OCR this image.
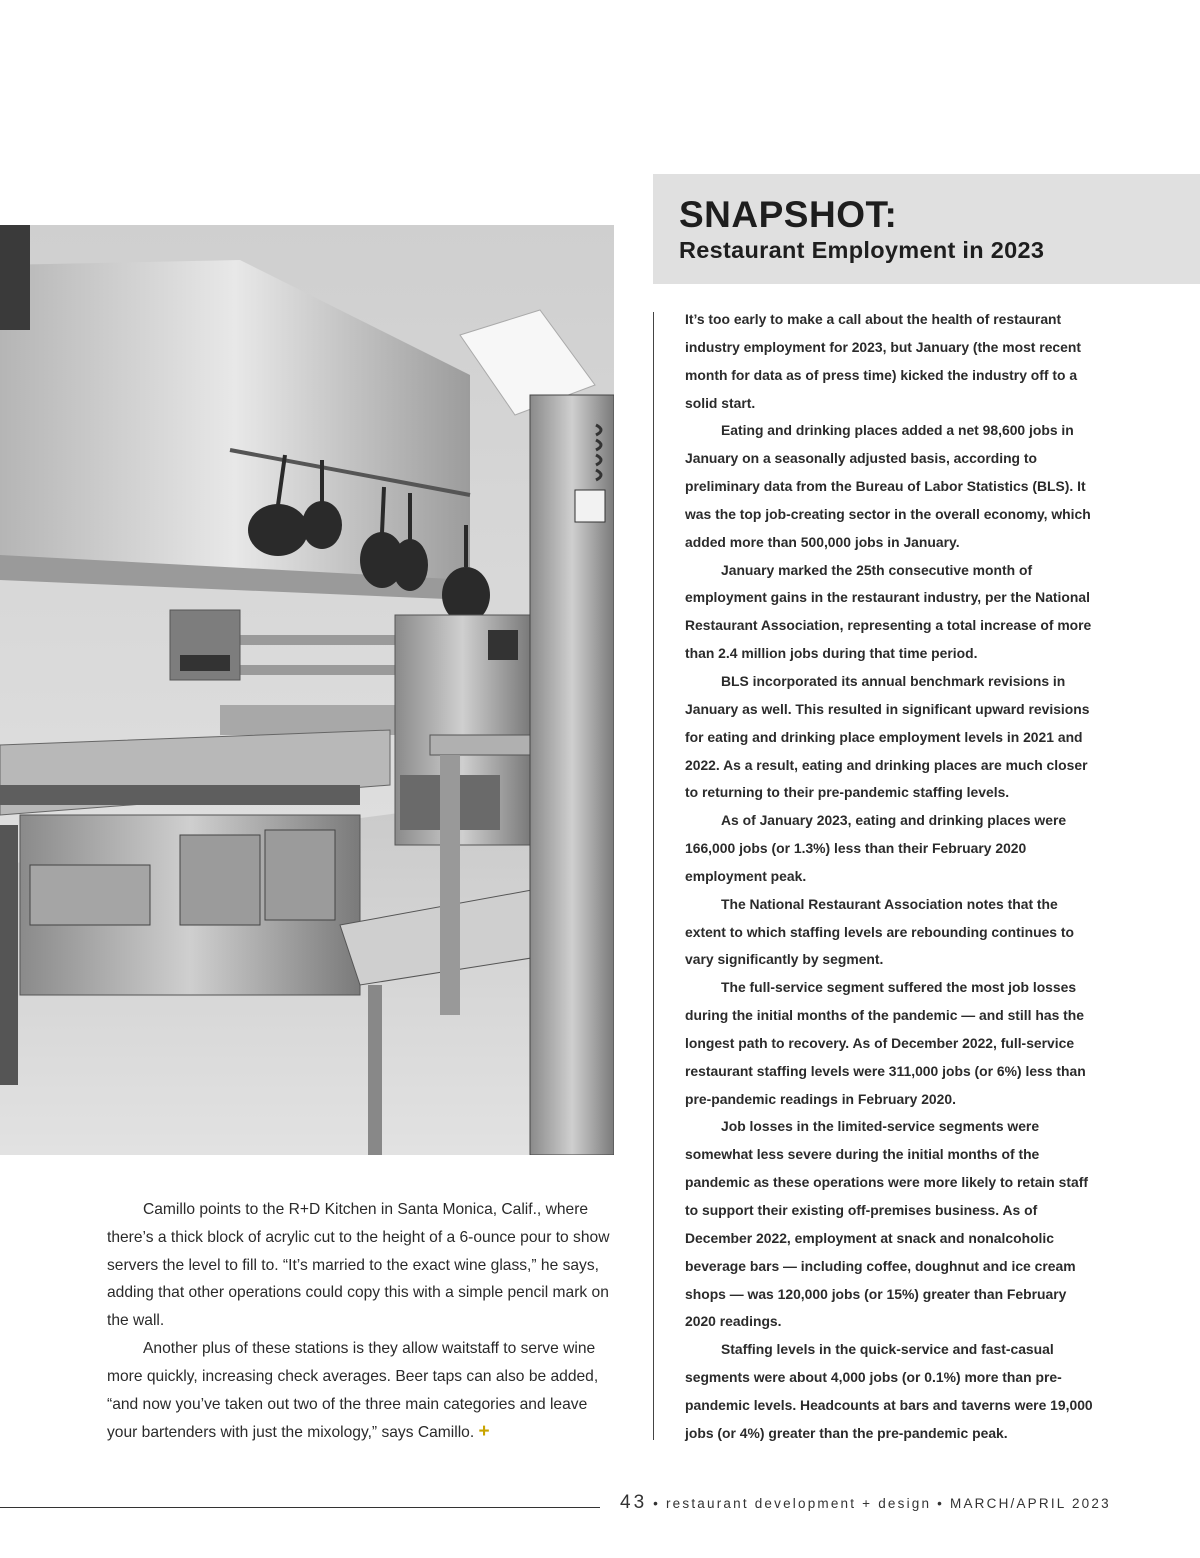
Camillo points to the R+D Kitchen in Santa Monica, Calif., where there’s a thick block of acrylic cut to the height of a 6-ounce pour to show servers the level to fill to. “It’s married to the exact wine glass,” he says, adding that other operations could copy this with a simple pencil mark on the wall.

Another plus of these stations is they allow waitstaff to serve wine more quickly, increasing check averages. Beer taps can also be added, “and now you’ve taken out two of the three main categories and leave your bartenders with just the mixology,” says Camillo. +

SNAPSHOT:
Restaurant Employment in 2023

It’s too early to make a call about the health of restaurant industry employment for 2023, but January (the most recent month for data as of press time) kicked the industry off to a solid start.

Eating and drinking places added a net 98,600 jobs in January on a seasonally adjusted basis, according to preliminary data from the Bureau of Labor Statistics (BLS). It was the top job-creating sector in the overall economy, which added more than 500,000 jobs in January.

January marked the 25th consecutive month of employment gains in the restaurant industry, per the National Restaurant Association, representing a total increase of more than 2.4 million jobs during that time period.

BLS incorporated its annual benchmark revisions in January as well. This resulted in significant upward revisions for eating and drinking place employment levels in 2021 and 2022. As a result, eating and drinking places are much closer to returning to their pre-pandemic staffing levels.

As of January 2023, eating and drinking places were 166,000 jobs (or 1.3%) less than their February 2020 employment peak.

The National Restaurant Association notes that the extent to which staffing levels are rebounding continues to vary significantly by segment.

The full-service segment suffered the most job losses during the initial months of the pandemic — and still has the longest path to recovery. As of December 2022, full-service restaurant staffing levels were 311,000 jobs (or 6%) less than pre-pandemic readings in February 2020.

Job losses in the limited-service segments were somewhat less severe during the initial months of the pandemic as these operations were more likely to retain staff to support their existing off-premises business. As of December 2022, employment at snack and nonalcoholic beverage bars — including coffee, doughnut and ice cream shops — was 120,000 jobs (or 15%) greater than February 2020 readings.

Staffing levels in the quick-service and fast-casual segments were about 4,000 jobs (or 0.1%) more than pre-pandemic levels. Headcounts at bars and taverns were 19,000 jobs (or 4%) greater than the pre-pandemic peak.

43 • restaurant development + design • MARCH/APRIL 2023
